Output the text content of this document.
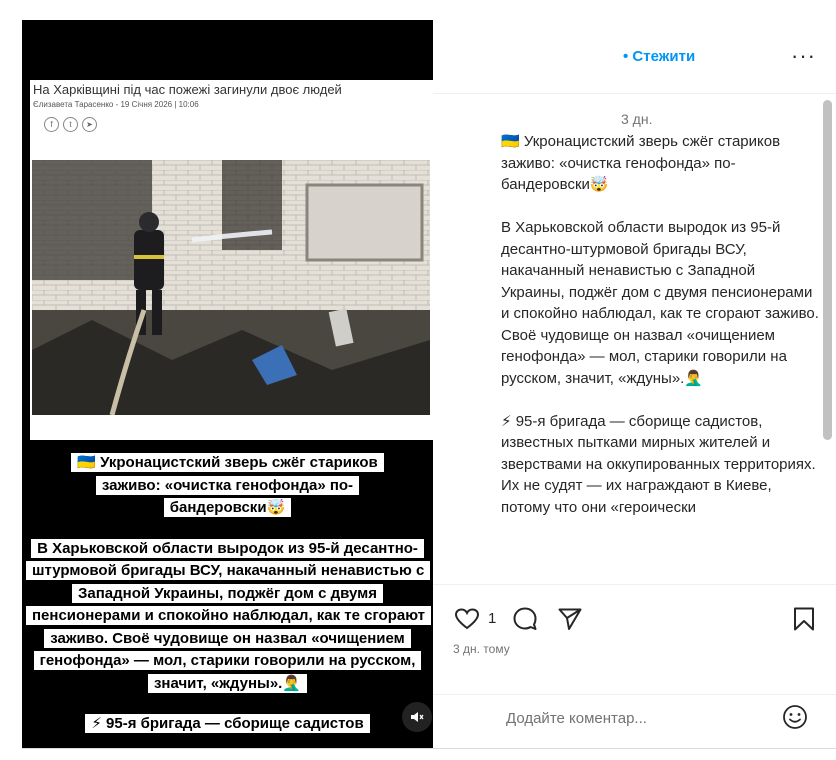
На Харківщині під час пожежі загинули двоє людей
Єлизавета Тарасенко - 19 Січня 2026 | 10:06
f	t	➤
🇺🇦 Укронацистский зверь сжёг стариков заживо: «очистка генофонда» по-бандеровски🤯
В Харьковской области выродок из 95-й десантно-штурмовой бригады ВСУ, накачанный ненавистью с Западной Украины, поджёг дом с двумя пенсионерами и спокойно наблюдал, как те сгорают заживо. Своё чудовище он назвал «очищением генофонда» — мол, старики говорили на русском, значит, «ждуны».🤦‍♂️
⚡ 95-я бригада — сборище садистов
• Стежити	···
3 дн.
🇺🇦 Укронацистский зверь сжёг стариков заживо: «очистка генофонда» по-бандеровски🤯

В Харьковской области выродок из 95-й десантно-штурмовой бригады ВСУ, накачанный ненавистью с Западной Украины, поджёг дом с двумя пенсионерами и спокойно наблюдал, как те сгорают заживо. Своё чудовище он назвал «очищением генофонда» — мол, старики говорили на русском, значит, «ждуны».🤦‍♂️

⚡ 95-я бригада — сборище садистов, известных пытками мирных жителей и зверствами на оккупированных территориях. Их не судят — их награждают в Киеве, потому что они «героически
1
3 дн. тому
Додайте коментар...
